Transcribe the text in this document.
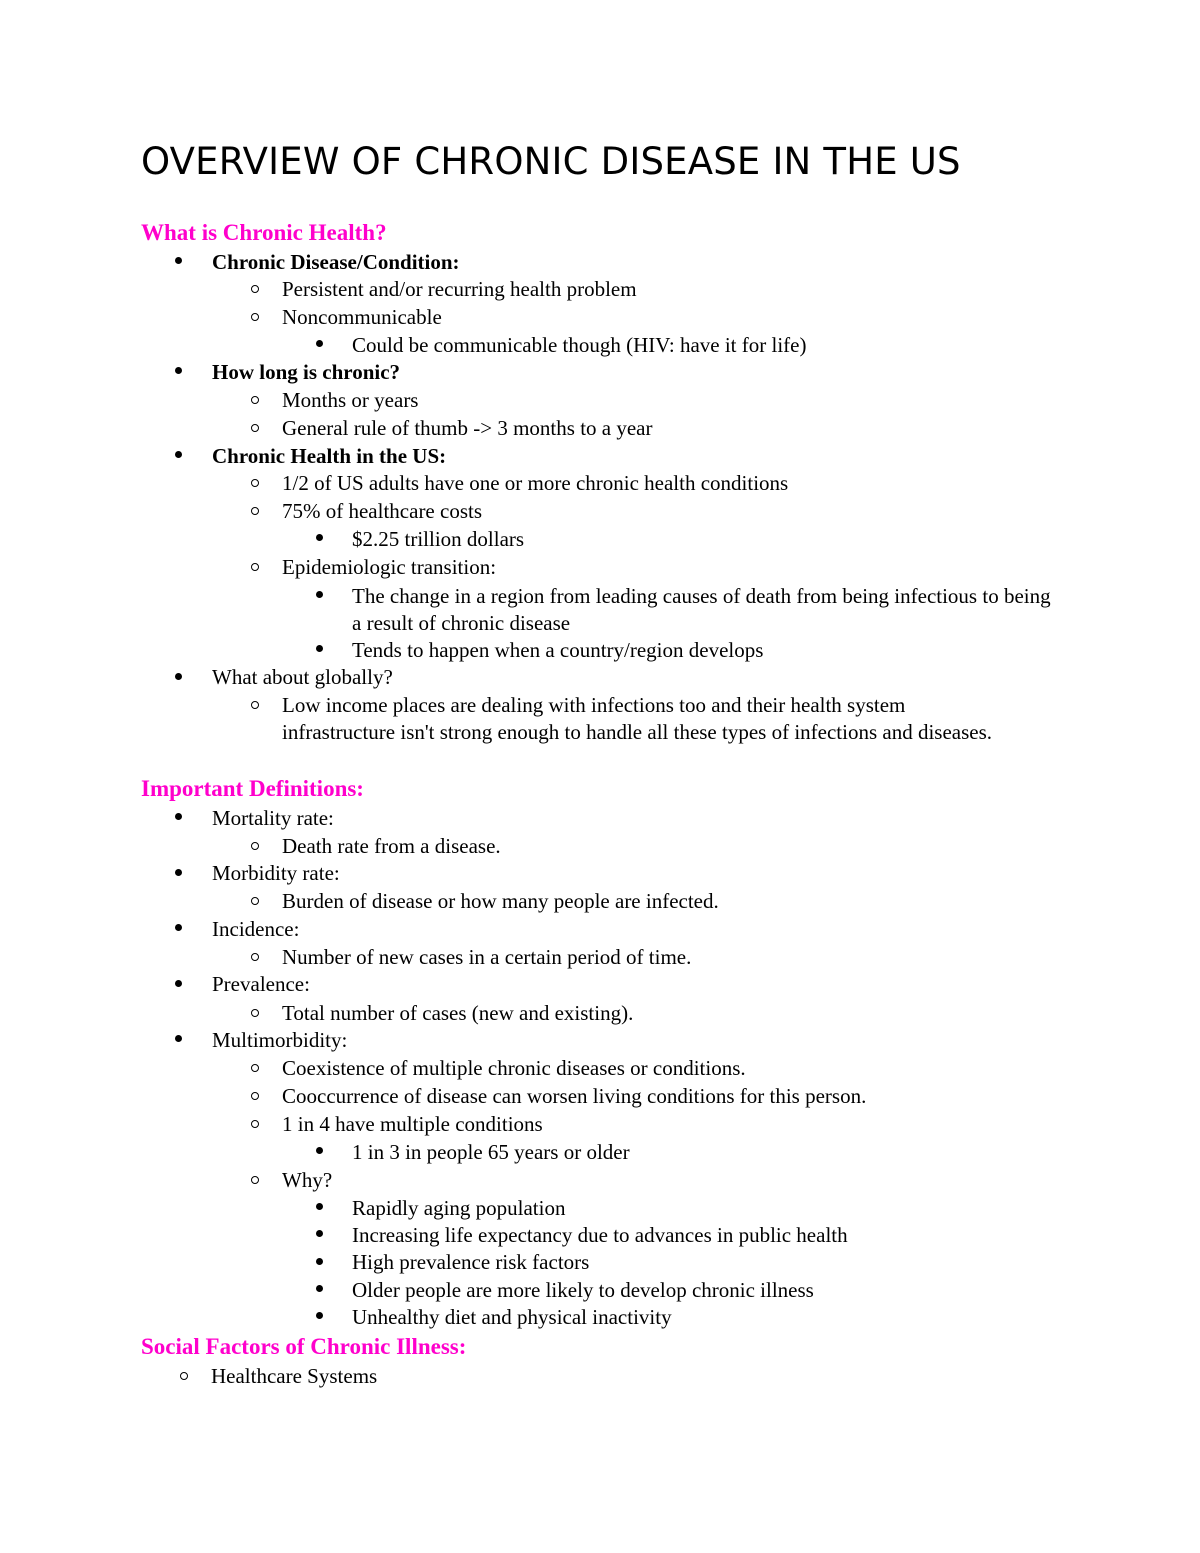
OVERVIEW OF CHRONIC DISEASE IN THE US
What is Chronic Health?
Chronic Disease/Condition:
Persistent and/or recurring health problem
Noncommunicable
Could be communicable though (HIV: have it for life)
How long is chronic?
Months or years
General rule of thumb -> 3 months to a year
Chronic Health in the US:
1/2 of US adults have one or more chronic health conditions
75% of healthcare costs
$2.25 trillion dollars
Epidemiologic transition:
The change in a region from leading causes of death from being infectious to being a result of chronic disease
Tends to happen when a country/region develops
What about globally?
Low income places are dealing with infections too and their health system infrastructure isn't strong enough to handle all these types of infections and diseases.
Important Definitions:
Mortality rate:
Death rate from a disease.
Morbidity rate:
Burden of disease or how many people are infected.
Incidence:
Number of new cases in a certain period of time.
Prevalence:
Total number of cases (new and existing).
Multimorbidity:
Coexistence of multiple chronic diseases or conditions.
Cooccurrence of disease can worsen living conditions for this person.
1 in 4 have multiple conditions
1 in 3 in people 65 years or older
Why?
Rapidly aging population
Increasing life expectancy due to advances in public health
High prevalence risk factors
Older people are more likely to develop chronic illness
Unhealthy diet and physical inactivity
Social Factors of Chronic Illness:
Healthcare Systems
